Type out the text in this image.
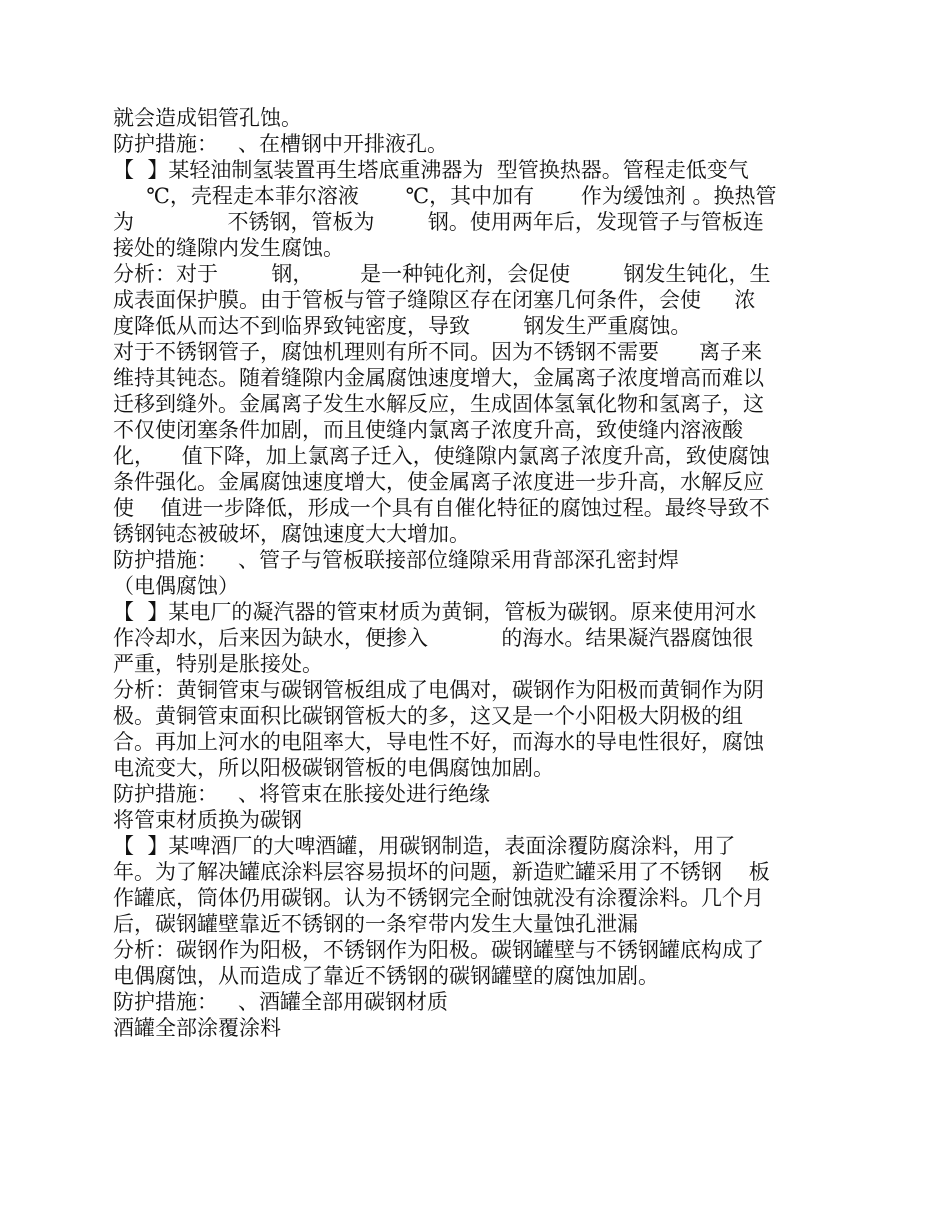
就会造成铝管孔蚀。
防护措施：   、在槽钢中开排液孔。
【  】某轻油制氢装置再生塔底重沸器为  型管换热器。管程走低变气
℃，壳程走本菲尔溶液       ℃，其中加有       作为缓蚀剂 。换热管
为              不锈钢，管板为        钢。使用两年后，发现管子与管板连
接处的缝隙内发生腐蚀。
分析：对于        钢，       是一种钝化剂，会促使        钢发生钝化，生
成表面保护膜。由于管板与管子缝隙区存在闭塞几何条件，会使     浓
度降低从而达不到临界致钝密度，导致        钢发生严重腐蚀。
对于不锈钢管子，腐蚀机理则有所不同。因为不锈钢不需要      离子来
维持其钝态。随着缝隙内金属腐蚀速度增大，金属离子浓度增高而难以
迁移到缝外。金属离子发生水解反应，生成固体氢氧化物和氢离子，这
不仅使闭塞条件加剧，而且使缝内氯离子浓度升高，致使缝内溶液酸
化，    值下降，加上氯离子迁入，使缝隙内氯离子浓度升高，致使腐蚀
条件强化。金属腐蚀速度增大，使金属离子浓度进一步升高，水解反应
使    值进一步降低，形成一个具有自催化特征的腐蚀过程。最终导致不
锈钢钝态被破坏，腐蚀速度大大增加。
防护措施：   、管子与管板联接部位缝隙采用背部深孔密封焊
（电偶腐蚀）
【  】某电厂的凝汽器的管束材质为黄铜，管板为碳钢。原来使用河水
作冷却水，后来因为缺水，便掺入           的海水。结果凝汽器腐蚀很
严重，特别是胀接处。
分析：黄铜管束与碳钢管板组成了电偶对，碳钢作为阳极而黄铜作为阴
极。黄铜管束面积比碳钢管板大的多，这又是一个小阳极大阴极的组
合。再加上河水的电阻率大，导电性不好，而海水的导电性很好，腐蚀
电流变大，所以阳极碳钢管板的电偶腐蚀加剧。
防护措施：   、将管束在胀接处进行绝缘
将管束材质换为碳钢
【  】某啤酒厂的大啤酒罐，用碳钢制造，表面涂覆防腐涂料，用了
年。为了解决罐底涂料层容易损坏的问题，新造贮罐采用了不锈钢    板
作罐底，筒体仍用碳钢。认为不锈钢完全耐蚀就没有涂覆涂料。几个月
后，碳钢罐壁靠近不锈钢的一条窄带内发生大量蚀孔泄漏
分析：碳钢作为阳极，不锈钢作为阳极。碳钢罐壁与不锈钢罐底构成了
电偶腐蚀，从而造成了靠近不锈钢的碳钢罐壁的腐蚀加剧。
防护措施：   、酒罐全部用碳钢材质
酒罐全部涂覆涂料
